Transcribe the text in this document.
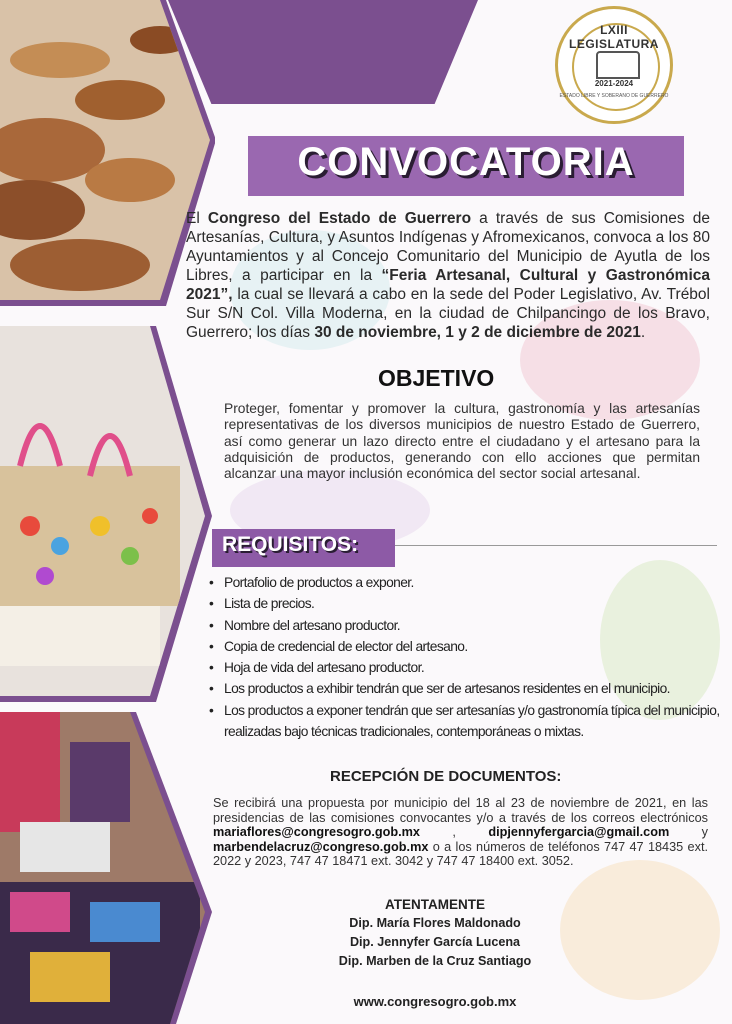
LXIII LEGISLATURA
2021-2024
ESTADO LIBRE Y SOBERANO DE GUERRERO
CONVOCATORIA
El Congreso del Estado de Guerrero a través de sus Comisiones de Artesanías, Cultura, y Asuntos Indígenas y Afromexicanos, convoca a los 80 Ayuntamientos y al Concejo Comunitario del Municipio de Ayutla de los Libres, a participar en la “Feria Artesanal, Cultural y Gastronómica 2021”, la cual se llevará a cabo en la sede del Poder Legislativo, Av. Trébol Sur S/N Col. Villa Moderna, en la ciudad de Chilpancingo de los Bravo, Guerrero; los días 30 de noviembre, 1 y 2 de diciembre de 2021.
OBJETIVO
Proteger, fomentar y promover la cultura, gastronomía y las artesanías representativas de los diversos municipios de nuestro Estado de Guerrero, así como generar un lazo directo entre el ciudadano y el artesano para la adquisición de productos, generando con ello acciones que permitan alcanzar una mayor inclusión económica del sector social artesanal.
REQUISITOS:
• Portafolio de productos a exponer.
• Lista de precios.
• Nombre del artesano productor.
• Copia de credencial de elector del artesano.
• Hoja de vida del artesano productor.
• Los productos a exhibir tendrán que ser de artesanos residentes en el municipio.
• Los productos a exponer tendrán que ser artesanías y/o gastronomía típica del municipio, realizadas bajo técnicas tradicionales, contemporáneas o mixtas.
RECEPCIÓN DE DOCUMENTOS:
Se recibirá una propuesta por municipio del 18 al 23 de noviembre de 2021, en las presidencias de las comisiones convocantes y/o a través de los correos electrónicos mariaflores@congresogro.gob.mx , dipjennyfergarcia@gmail.com y marbendelacruz@congreso.gob.mx o a los números de teléfonos 747 47 18435 ext. 2022 y 2023, 747 47 18471 ext. 3042 y 747 47 18400 ext. 3052.
ATENTAMENTE
Dip. María Flores Maldonado
Dip. Jennyfer García Lucena
Dip. Marben de la Cruz Santiago
www.congresogro.gob.mx
